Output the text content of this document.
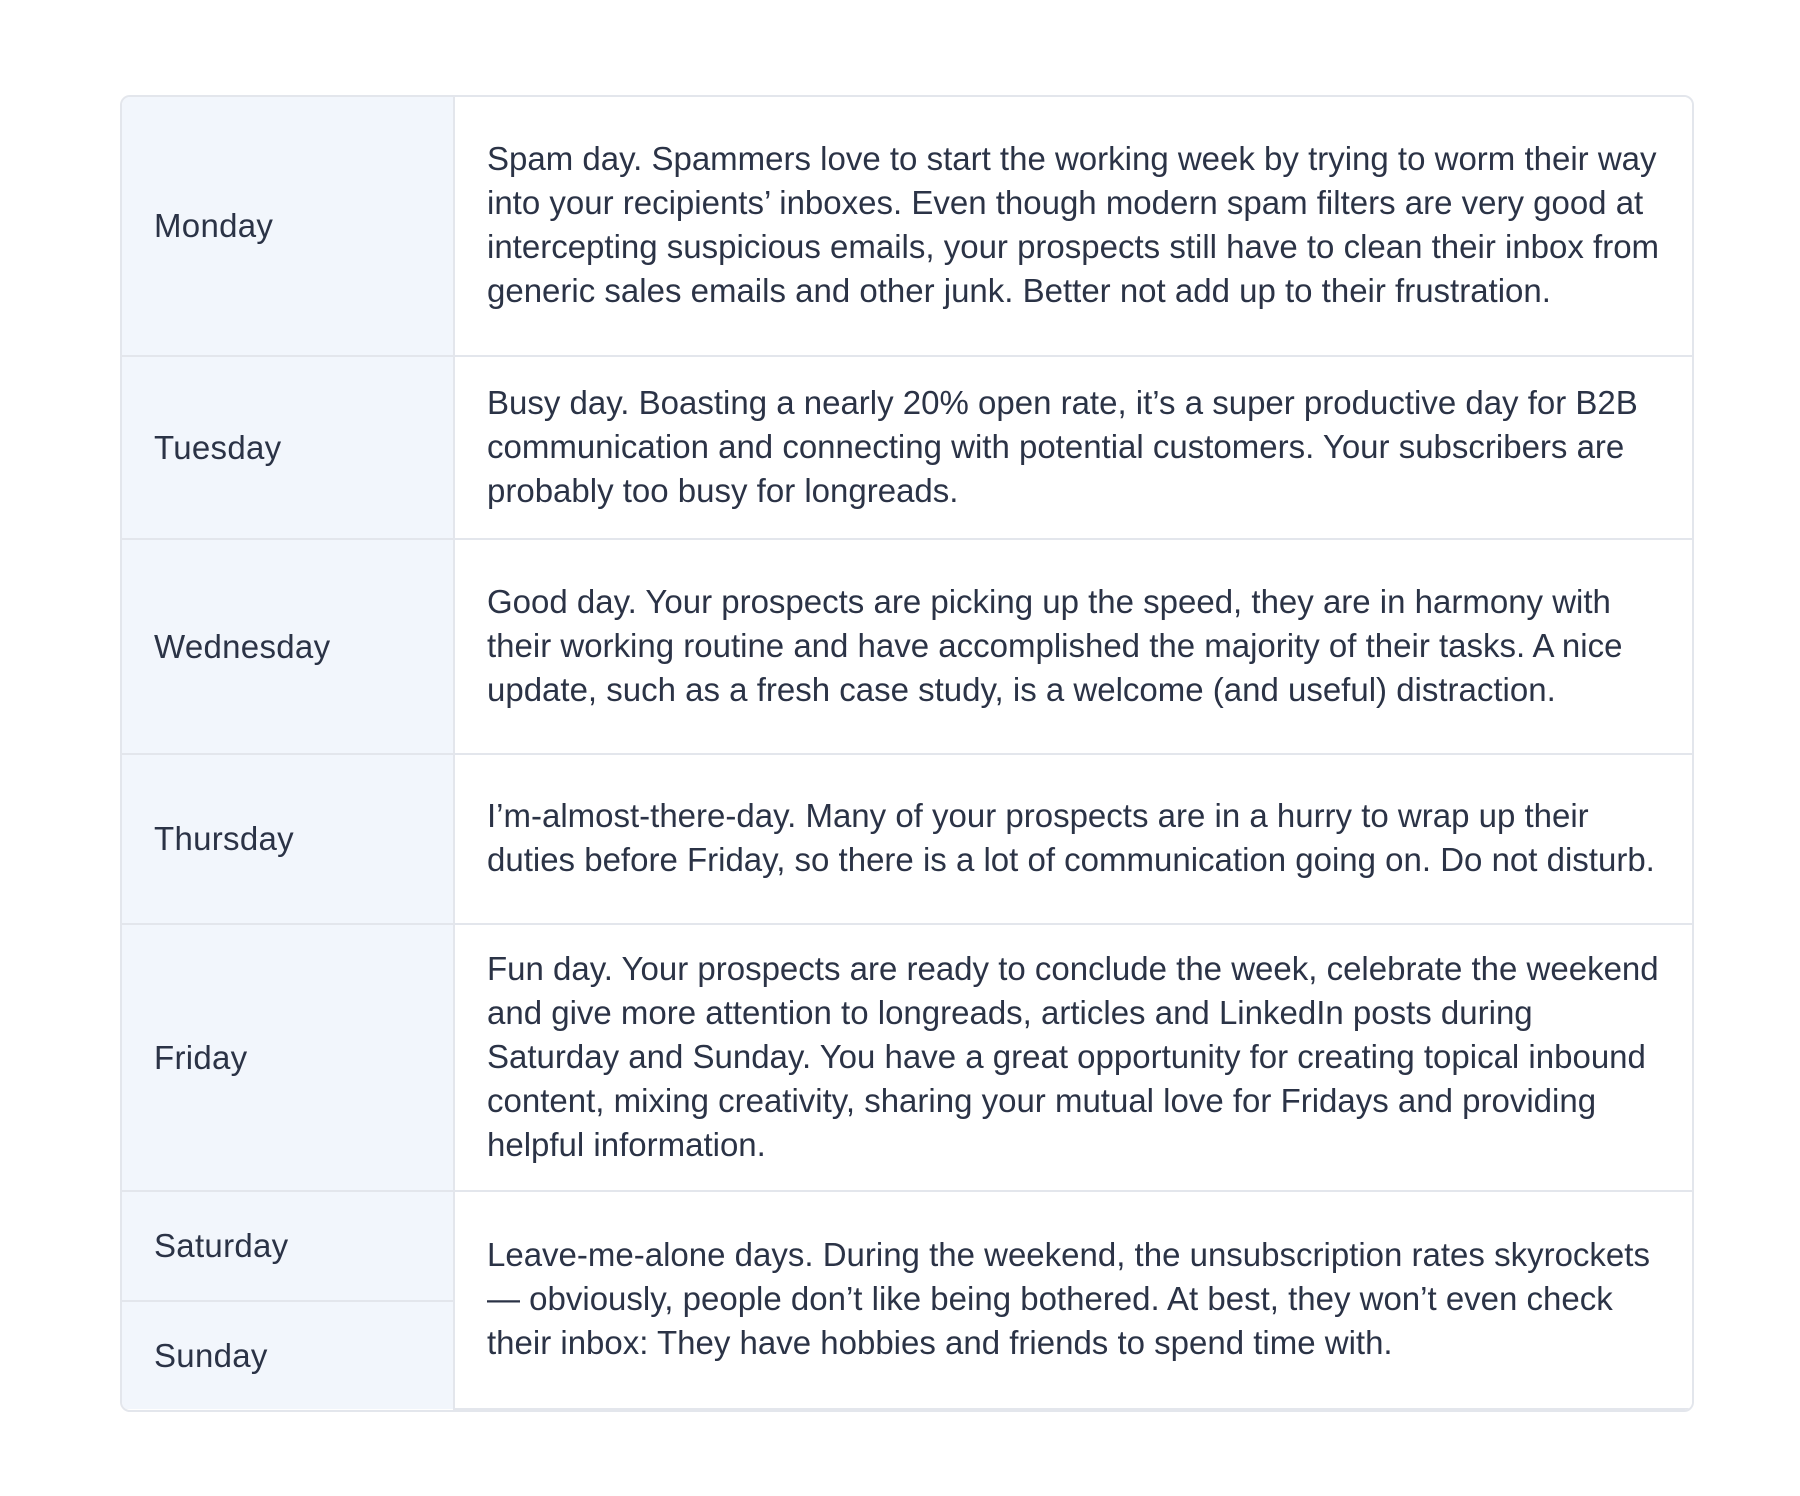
Monday	Spam day. Spammers love to start the working week by trying to worm their way into your recipients’ inboxes. Even though modern spam filters are very good at intercepting suspicious emails, your prospects still have to clean their inbox from generic sales emails and other junk. Better not add up to their frustration.
Tuesday	Busy day. Boasting a nearly 20% open rate, it’s a super productive day for B2B communication and connecting with potential customers. Your subscribers are probably too busy for longreads.
Wednesday	Good day. Your prospects are picking up the speed, they are in harmony with their working routine and have accomplished the majority of their tasks. A nice update, such as a fresh case study, is a welcome (and useful) distraction.
Thursday	I’m-almost-there-day. Many of your prospects are in a hurry to wrap up their duties before Friday, so there is a lot of communication going on. Do not disturb.
Friday	Fun day. Your prospects are ready to conclude the week, celebrate the weekend and give more attention to longreads, articles and LinkedIn posts during Saturday and Sunday. You have a great opportunity for creating topical inbound content, mixing creativity, sharing your mutual love for Fridays and providing helpful information.
Saturday	Leave-me-alone days. During the weekend, the unsubscription rates skyrockets — obviously, people don’t like being bothered. At best, they won’t even check their inbox: They have hobbies and friends to spend time with.
Sunday	
